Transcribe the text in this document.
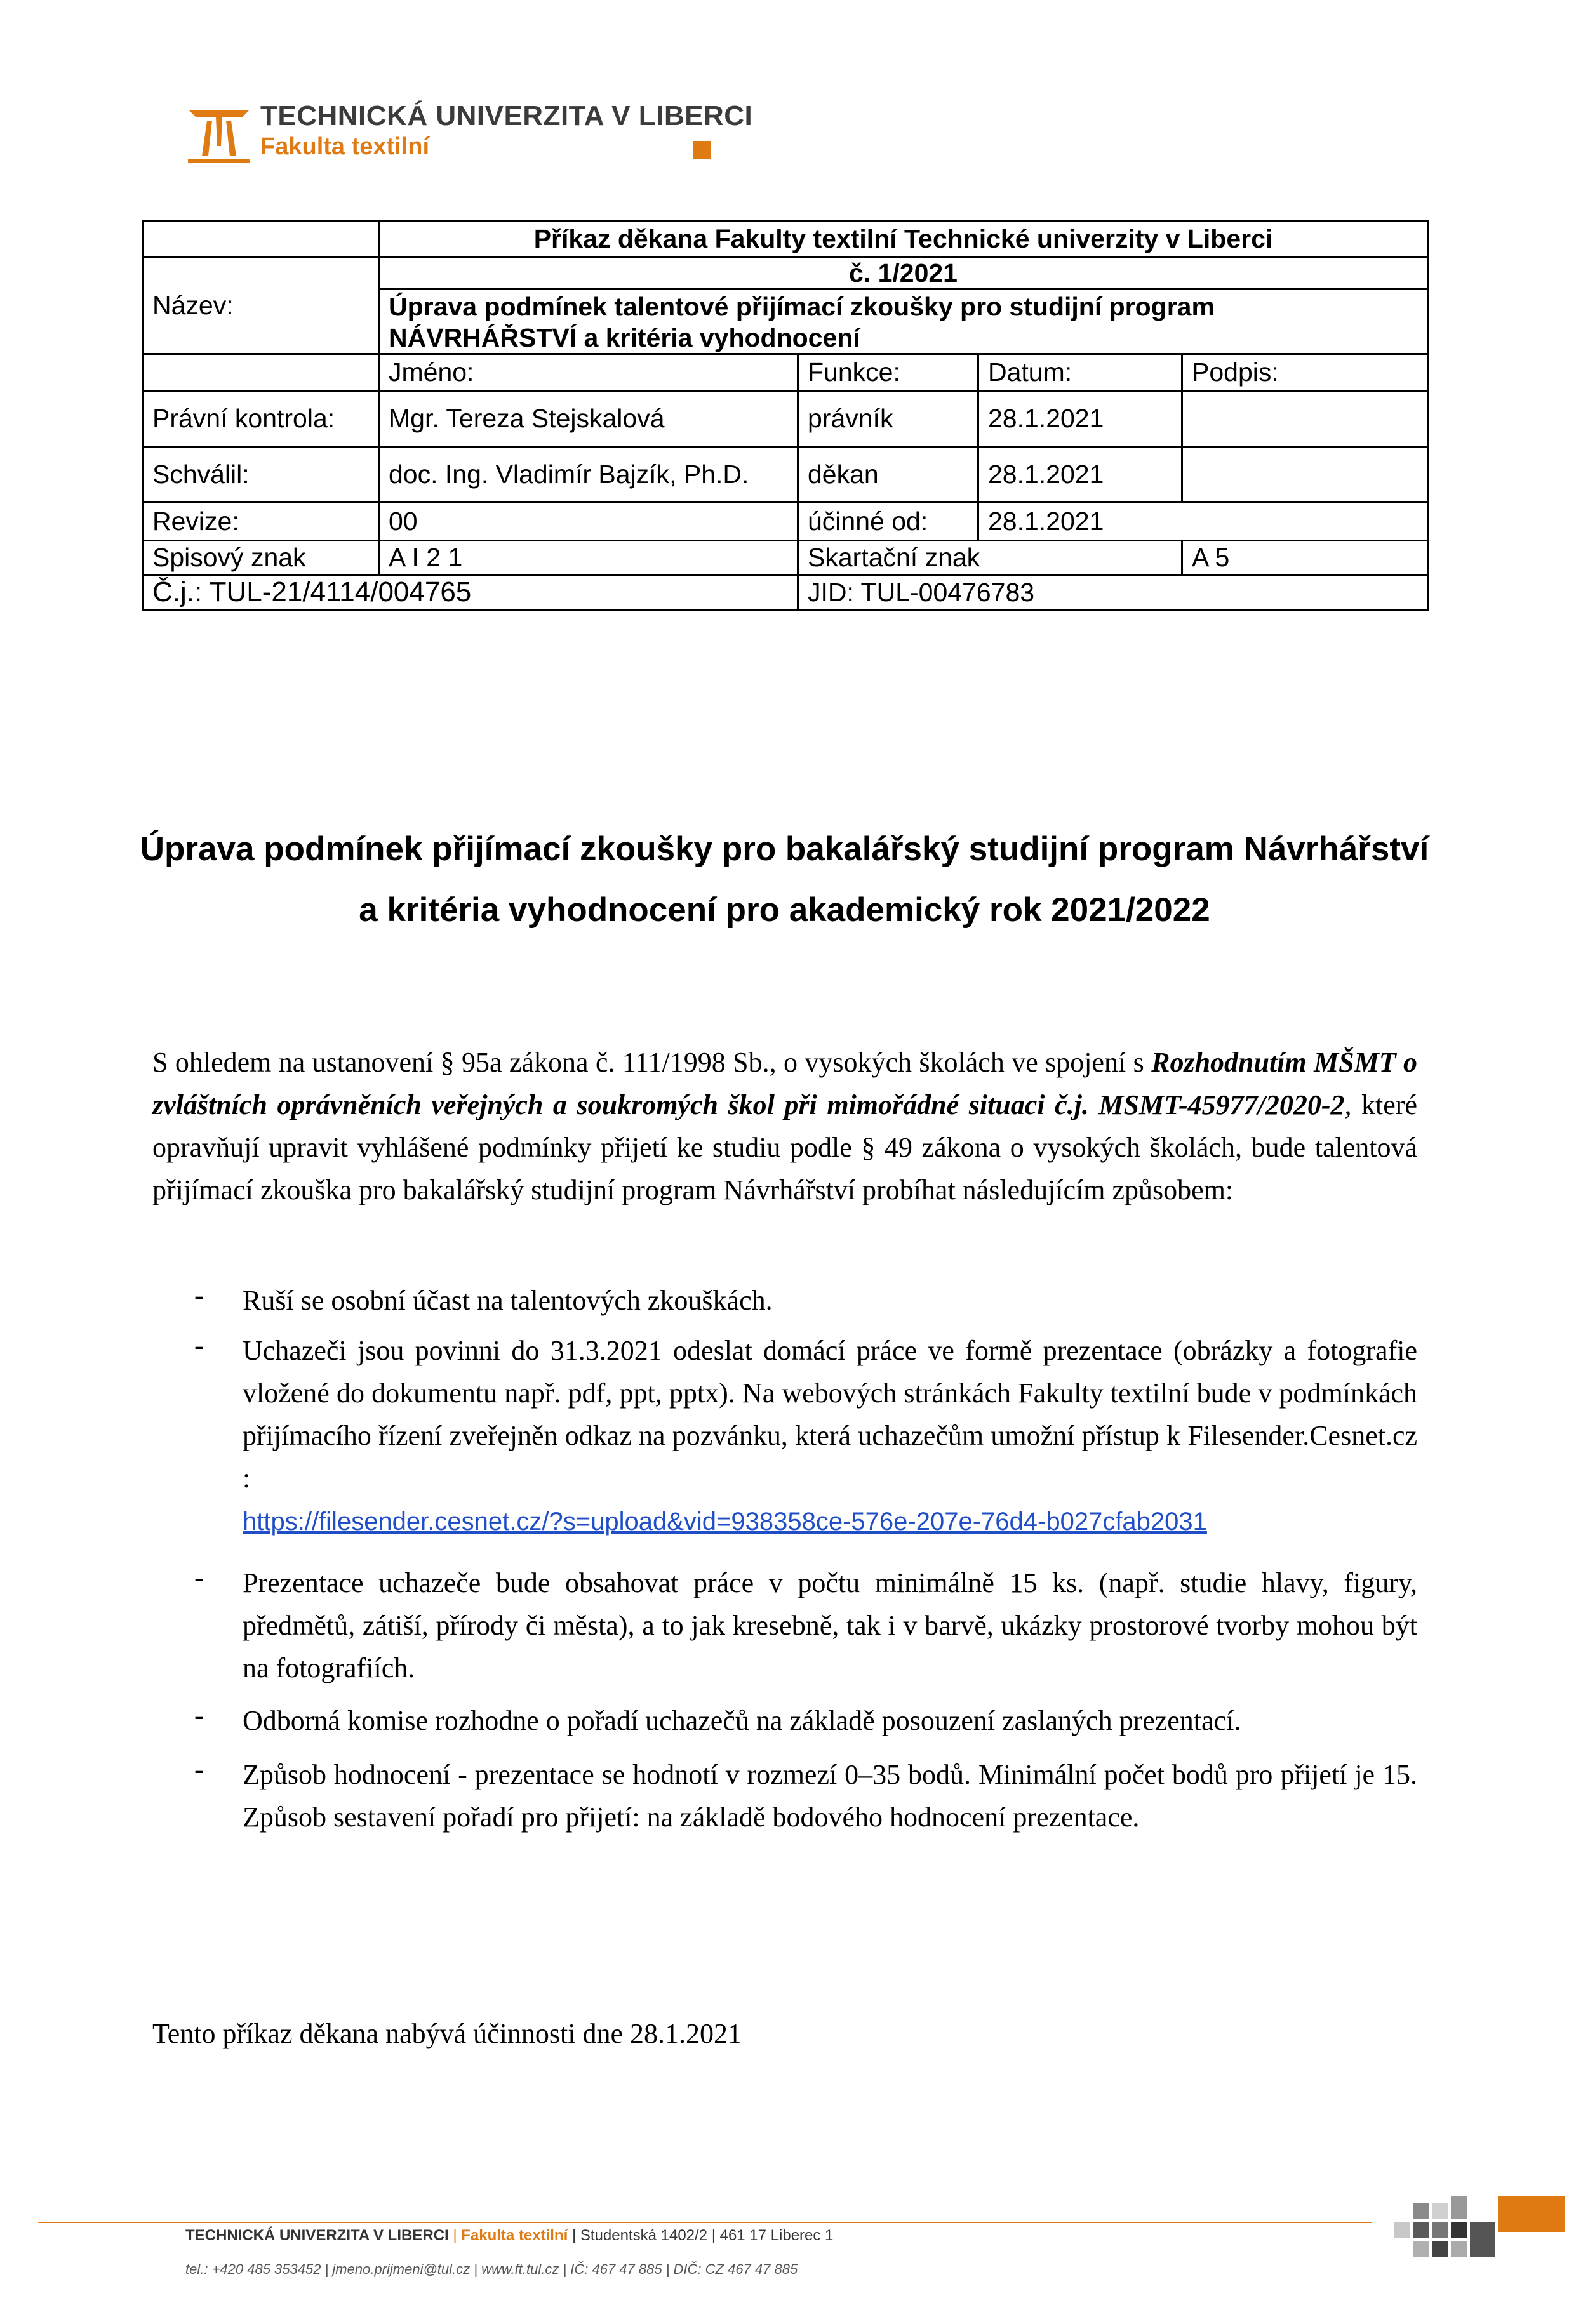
TECHNICKÁ UNIVERZITA V LIBERCI
Fakulta textilní
	Příkaz děkana Fakulty textilní Technické univerzity v Liberci			
Název:	č. 1/2021			
	Úprava podmínek talentové přijímací zkoušky pro studijní program			
	NÁVRHÁŘSTVÍ a kritéria vyhodnocení			
	Jméno:	Funkce:	Datum:	Podpis:
Právní kontrola:	Mgr. Tereza Stejskalová	právník	28.1.2021	
Schválil:	doc. Ing. Vladimír Bajzík, Ph.D.	děkan	28.1.2021	
Revize:	00	účinné od:	28.1.2021	
Spisový znak	A I 2 1	Skartační znak		A 5
Č.j.: TUL-21/4114/004765		JID: TUL-00476783		
Úprava podmínek přijímací zkoušky pro bakalářský studijní program Návrhářství
a kritéria vyhodnocení pro akademický rok 2021/2022
S ohledem na ustanovení § 95a zákona č. 111/1998 Sb., o vysokých školách ve spojení s Rozhodnutím MŠMT o zvláštních oprávněních veřejných a soukromých škol při mimořádné situaci č.j. MSMT-45977/2020-2, které opravňují upravit vyhlášené podmínky přijetí ke studiu podle § 49 zákona o vysokých školách, bude talentová přijímací zkouška pro bakalářský studijní program Návrhářství probíhat následujícím způsobem:
- Ruší se osobní účast na talentových zkouškách.
- Uchazeči jsou povinni do 31.3.2021 odeslat domácí práce ve formě prezentace (obrázky a fotografie vložené do dokumentu např. pdf, ppt, pptx). Na webových stránkách Fakulty textilní bude v podmínkách přijímacího řízení zveřejněn odkaz na pozvánku, která uchazečům umožní přístup k Filesender.Cesnet.cz :
https://filesender.cesnet.cz/?s=upload&vid=938358ce-576e-207e-76d4-b027cfab2031
- Prezentace uchazeče bude obsahovat práce v počtu minimálně 15 ks. (např. studie hlavy, figury, předmětů, zátiší, přírody či města), a to jak kresebně, tak i v barvě, ukázky prostorové tvorby mohou být na fotografiích.
- Odborná komise rozhodne o pořadí uchazečů na základě posouzení zaslaných prezentací.
- Způsob hodnocení - prezentace se hodnotí v rozmezí 0–35 bodů. Minimální počet bodů pro přijetí je 15. Způsob sestavení pořadí pro přijetí: na základě bodového hodnocení prezentace.
Tento příkaz děkana nabývá účinnosti dne 28.1.2021
TECHNICKÁ UNIVERZITA V LIBERCI | Fakulta textilní | Studentská 1402/2 | 461 17 Liberec 1
tel.: +420 485 353452 | jmeno.prijmeni@tul.cz | www.ft.tul.cz | IČ: 467 47 885 | DIČ: CZ 467 47 885
